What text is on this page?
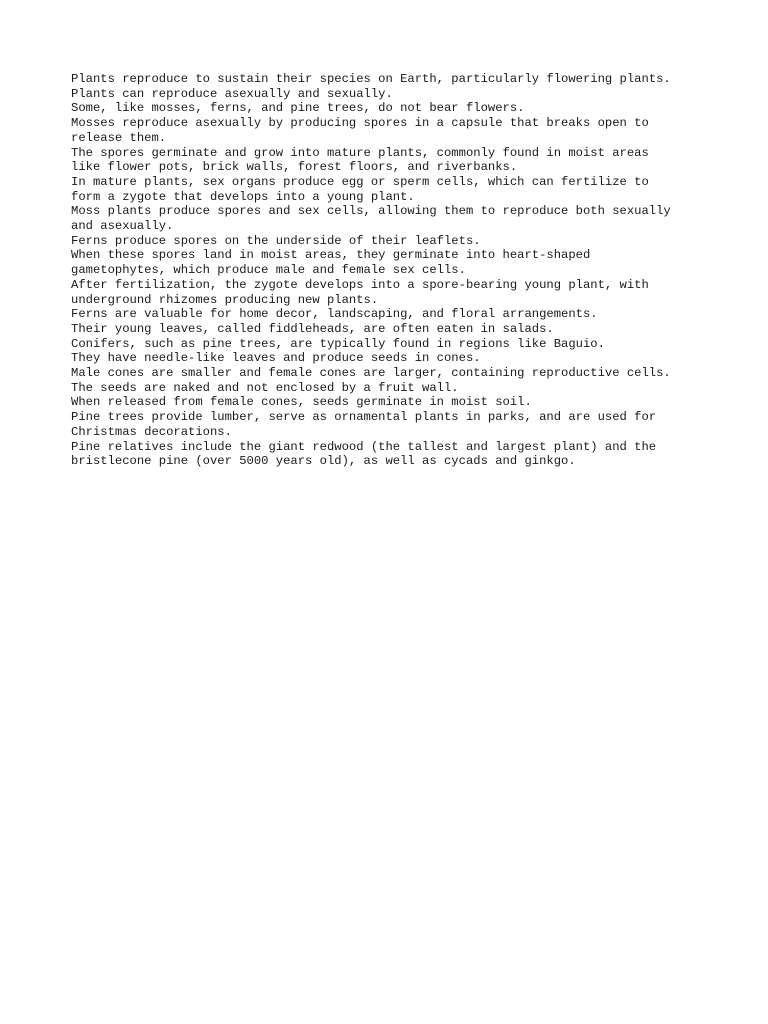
Plants reproduce to sustain their species on Earth, particularly flowering plants.

Plants can reproduce asexually and sexually.

Some, like mosses, ferns, and pine trees, do not bear flowers.

Mosses reproduce asexually by producing spores in a capsule that breaks open to
release them.

The spores germinate and grow into mature plants, commonly found in moist areas
like flower pots, brick walls, forest floors, and riverbanks.

In mature plants, sex organs produce egg or sperm cells, which can fertilize to
form a zygote that develops into a young plant.

Moss plants produce spores and sex cells, allowing them to reproduce both sexually
and asexually.

Ferns produce spores on the underside of their leaflets.

When these spores land in moist areas, they germinate into heart-shaped
gametophytes, which produce male and female sex cells.

After fertilization, the zygote develops into a spore-bearing young plant, with
underground rhizomes producing new plants.

Ferns are valuable for home decor, landscaping, and floral arrangements.

Their young leaves, called fiddleheads, are often eaten in salads.

Conifers, such as pine trees, are typically found in regions like Baguio.

They have needle-like leaves and produce seeds in cones.

Male cones are smaller and female cones are larger, containing reproductive cells.

The seeds are naked and not enclosed by a fruit wall.

When released from female cones, seeds germinate in moist soil.

Pine trees provide lumber, serve as ornamental plants in parks, and are used for
Christmas decorations.

Pine relatives include the giant redwood (the tallest and largest plant) and the
bristlecone pine (over 5000 years old), as well as cycads and ginkgo.
